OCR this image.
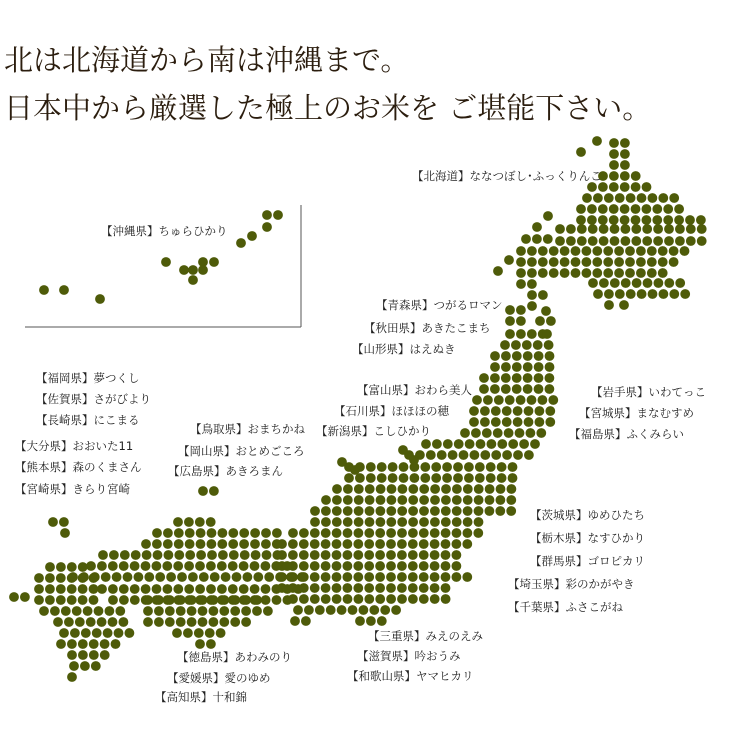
北は北海道から南は沖縄まで。
日本中から厳選した極上のお米を ご堪能下さい。
【北海道】ななつぼし･ふっくりんこ
【沖縄県】ちゅらひかり
【青森県】つがるロマン
【秋田県】あきたこまち
【山形県】はえぬき
【富山県】おわら美人
【石川県】ほほほの穂
【新潟県】こしひかり
【岩手県】いわてっこ
【宮城県】まなむすめ
【福島県】ふくみらい
【福岡県】夢つくし
【佐賀県】さがびより
【長崎県】にこまる
【大分県】おおいた11
【熊本県】森のくまさん
【宮崎県】きらり宮崎
【鳥取県】おまちかね
【岡山県】おとめごころ
【広島県】あきろまん
【茨城県】ゆめひたち
【栃木県】なすひかり
【群馬県】ゴロピカリ
【埼玉県】彩のかがやき
【千葉県】ふさこがね
【三重県】みえのえみ
【滋賀県】吟おうみ
【和歌山県】ヤマヒカリ
【徳島県】あわみのり
【愛媛県】愛のゆめ
【高知県】十和錦
